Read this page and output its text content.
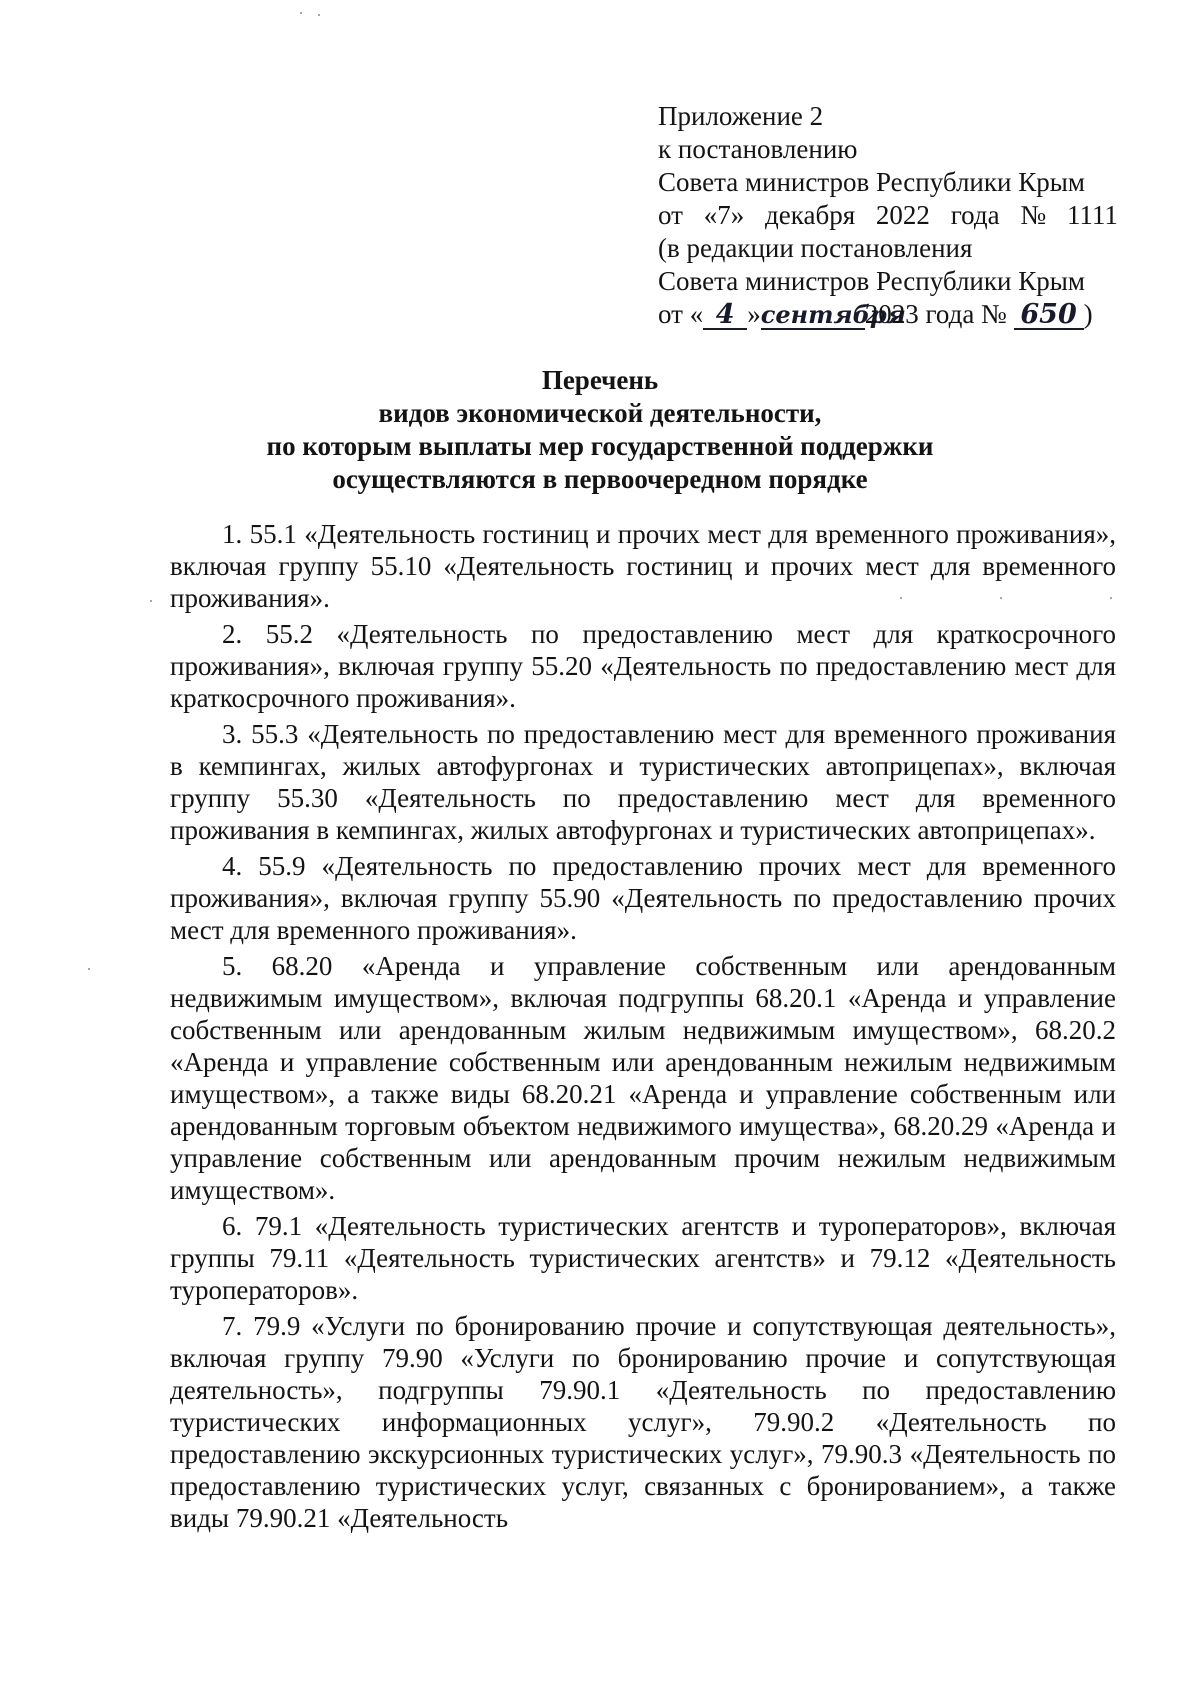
Приложение 2
к постановлению
Совета министров Республики Крым
от «7» декабря 2022 года № 1111
(в редакции постановления
Совета министров Республики Крым
от « 4 »сентября2023 года № 650 )
Перечень
видов экономической деятельности,
по которым выплаты мер государственной поддержки
осуществляются в первоочередном порядке

1. 55.1 «Деятельность гостиниц и прочих мест для временного проживания», включая группу 55.10 «Деятельность гостиниц и прочих мест для временного проживания».

2. 55.2 «Деятельность по предоставлению мест для краткосрочного проживания», включая группу 55.20 «Деятельность по предоставлению мест для краткосрочного проживания».

3. 55.3 «Деятельность по предоставлению мест для временного проживания в кемпингах, жилых автофургонах и туристических автоприцепах», включая группу 55.30 «Деятельность по предоставлению мест для временного проживания в кемпингах, жилых автофургонах и туристических автоприцепах».

4. 55.9 «Деятельность по предоставлению прочих мест для временного проживания», включая группу 55.90 «Деятельность по предоставлению прочих мест для временного проживания».

5. 68.20 «Аренда и управление собственным или арендованным недвижимым имуществом», включая подгруппы 68.20.1 «Аренда и управление собственным или арендованным жилым недвижимым имуществом», 68.20.2 «Аренда и управление собственным или арендованным нежилым недвижимым имуществом», а также виды 68.20.21 «Аренда и управление собственным или арендованным торговым объектом недвижимого имущества», 68.20.29 «Аренда и управление собственным или арендованным прочим нежилым недвижимым имуществом».

6. 79.1 «Деятельность туристических агентств и туроператоров», включая группы 79.11 «Деятельность туристических агентств» и 79.12 «Деятельность туроператоров».

7. 79.9 «Услуги по бронированию прочие и сопутствующая деятельность», включая группу 79.90 «Услуги по бронированию прочие и сопутствующая деятельность», подгруппы 79.90.1 «Деятельность по предоставлению туристических информационных услуг», 79.90.2 «Деятельность по предоставлению экскурсионных туристических услуг», 79.90.3 «Деятельность по предоставлению туристических услуг, связанных с бронированием», а также виды 79.90.21 «Деятельность
